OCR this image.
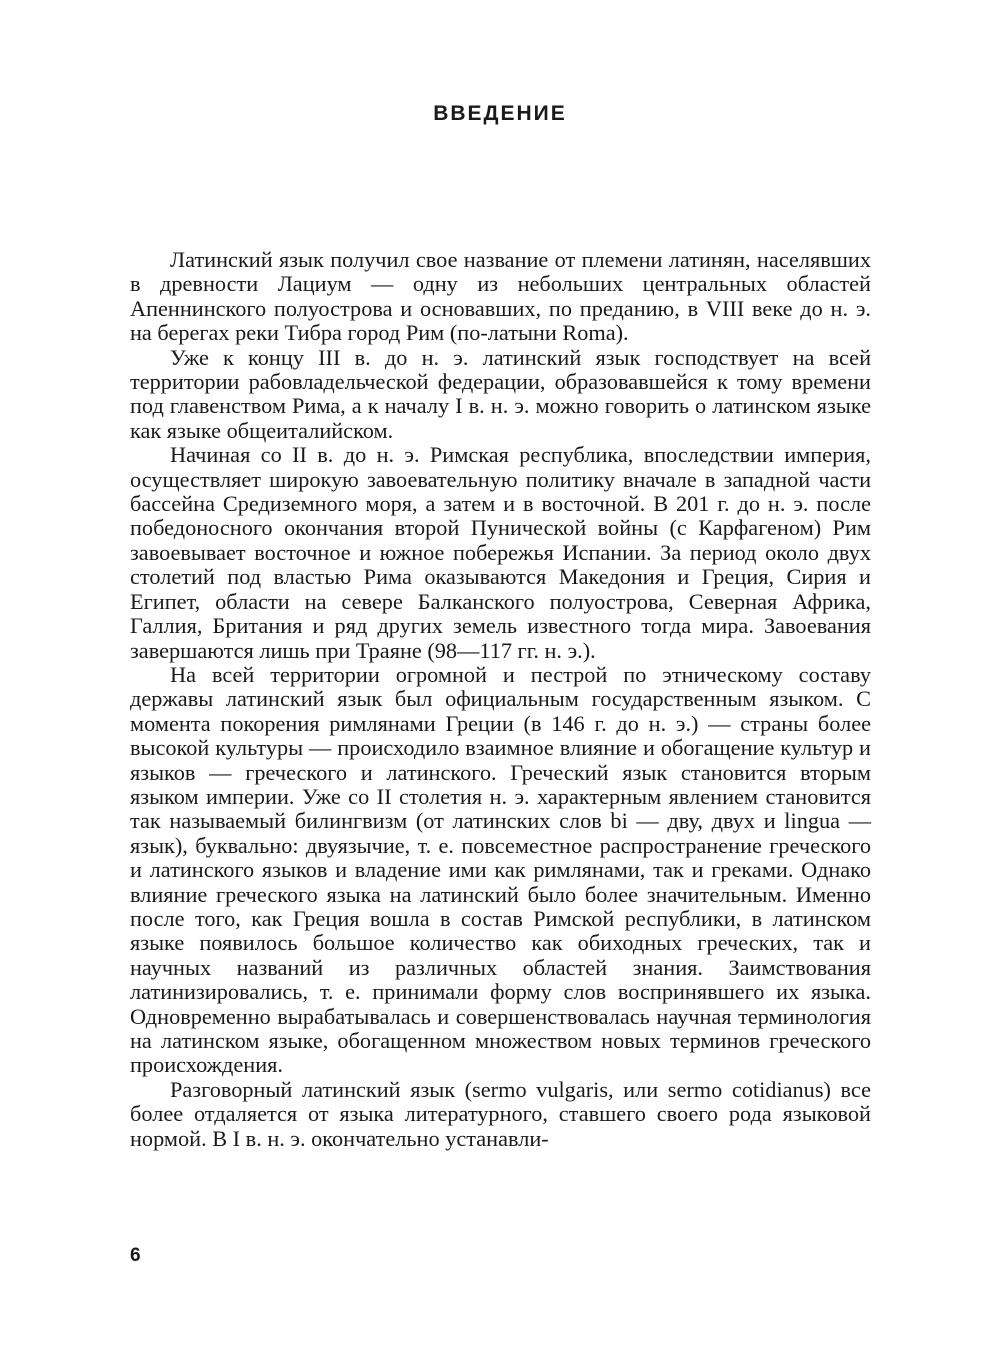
ВВЕДЕНИЕ

Латинский язык получил свое название от племени латинян, населявших в древности Лациум — одну из небольших центральных областей Апеннинского полуострова и основавших, по преданию, в VIII веке до н. э. на берегах реки Тибра город Рим (по-латыни Roma).

Уже к концу III в. до н. э. латинский язык господствует на всей территории рабовладельческой федерации, образовавшейся к тому времени под главенством Рима, а к началу I в. н. э. можно говорить о латинском языке как языке общеиталийском.

Начиная со II в. до н. э. Римская республика, впоследствии империя, осуществляет широкую завоевательную политику вначале в западной части бассейна Средиземного моря, а затем и в восточной. В 201 г. до н. э. после победоносного окончания второй Пунической войны (с Карфагеном) Рим завоевывает восточное и южное побережья Испании. За период около двух столетий под властью Рима оказываются Македония и Греция, Сирия и Египет, области на севере Балканского полуострова, Северная Африка, Галлия, Британия и ряд других земель известного тогда мира. Завоевания завершаются лишь при Траяне (98—117 гг. н. э.).

На всей территории огромной и пестрой по этническому составу державы латинский язык был официальным государственным языком. С момента покорения римлянами Греции (в 146 г. до н. э.) — страны более высокой культуры — происходило взаимное влияние и обогащение культур и языков — греческого и латинского. Греческий язык становится вторым языком империи. Уже со II столетия н. э. характерным явлением становится так называемый билингвизм (от латинских слов bi — дву, двух и lingua — язык), буквально: двуязычие, т. е. повсеместное распространение греческого и латинского языков и владение ими как римлянами, так и греками. Однако влияние греческого языка на латинский было более значительным. Именно после того, как Греция вошла в состав Римской республики, в латинском языке появилось большое количество как обиходных греческих, так и научных названий из различных областей знания. Заимствования латинизировались, т. е. принимали форму слов воспринявшего их языка. Одновременно вырабатывалась и совершенствовалась научная терминология на латинском языке, обогащенном множеством новых терминов греческого происхождения.

Разговорный латинский язык (sermo vulgaris, или sermo cotidianus) все более отдаляется от языка литературного, ставшего своего рода языковой нормой. В I в. н. э. окончательно устанавли-

6
